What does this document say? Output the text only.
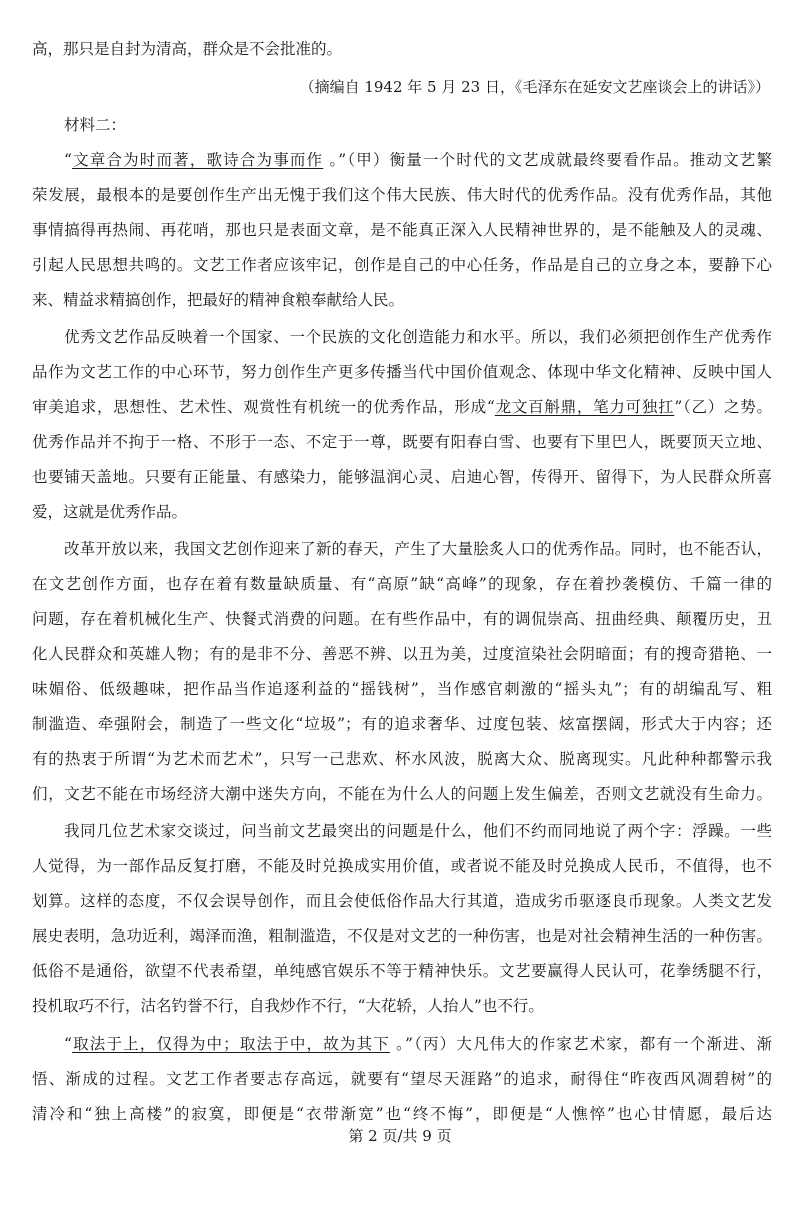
高，那只是自封为清高，群众是不会批准的。
（摘编自 1942 年 5 月 23 日，《毛泽东在延安文艺座谈会上的讲话》）
材料二：
“文章合为时而著，歌诗合为事而作 。”（甲）衡量一个时代的文艺成就最终要看作品。推动文艺繁
荣发展，最根本的是要创作生产出无愧于我们这个伟大民族、伟大时代的优秀作品。没有优秀作品，其他
事情搞得再热闹、再花哨，那也只是表面文章，是不能真正深入人民精神世界的，是不能触及人的灵魂、
引起人民思想共鸣的。文艺工作者应该牢记，创作是自己的中心任务，作品是自己的立身之本，要静下心
来、精益求精搞创作，把最好的精神食粮奉献给人民。
优秀文艺作品反映着一个国家、一个民族的文化创造能力和水平。所以，我们必须把创作生产优秀作
品作为文艺工作的中心环节，努力创作生产更多传播当代中国价值观念、体现中华文化精神、反映中国人
审美追求，思想性、艺术性、观赏性有机统一的优秀作品，形成“龙文百斛鼎，笔力可独扛”（乙）之势。
优秀作品并不拘于一格、不形于一态、不定于一尊，既要有阳春白雪、也要有下里巴人，既要顶天立地、
也要铺天盖地。只要有正能量、有感染力，能够温润心灵、启迪心智，传得开、留得下，为人民群众所喜
爱，这就是优秀作品。
改革开放以来，我国文艺创作迎来了新的春天，产生了大量脍炙人口的优秀作品。同时，也不能否认，
在文艺创作方面，也存在着有数量缺质量、有“高原”缺“高峰”的现象，存在着抄袭模仿、千篇一律的
问题，存在着机械化生产、快餐式消费的问题。在有些作品中，有的调侃崇高、扭曲经典、颠覆历史，丑
化人民群众和英雄人物；有的是非不分、善恶不辨、以丑为美，过度渲染社会阴暗面；有的搜奇猎艳、一
味媚俗、低级趣味，把作品当作追逐利益的“摇钱树”，当作感官刺激的“摇头丸”；有的胡编乱写、粗
制滥造、牵强附会，制造了一些文化“垃圾”；有的追求奢华、过度包装、炫富摆阔，形式大于内容；还
有的热衷于所谓“为艺术而艺术”，只写一己悲欢、杯水风波，脱离大众、脱离现实。凡此种种都警示我
们，文艺不能在市场经济大潮中迷失方向，不能在为什么人的问题上发生偏差，否则文艺就没有生命力。
我同几位艺术家交谈过，问当前文艺最突出的问题是什么，他们不约而同地说了两个字：浮躁。一些
人觉得，为一部作品反复打磨，不能及时兑换成实用价值，或者说不能及时兑换成人民币，不值得，也不
划算。这样的态度，不仅会误导创作，而且会使低俗作品大行其道，造成劣币驱逐良币现象。人类文艺发
展史表明，急功近利，竭泽而渔，粗制滥造，不仅是对文艺的一种伤害，也是对社会精神生活的一种伤害。
低俗不是通俗，欲望不代表希望，单纯感官娱乐不等于精神快乐。文艺要赢得人民认可，花拳绣腿不行，
投机取巧不行，沽名钓誉不行，自我炒作不行，“大花轿，人抬人”也不行。
“取法于上，仅得为中；取法于中，故为其下 。”（丙）大凡伟大的作家艺术家，都有一个渐进、渐
悟、渐成的过程。文艺工作者要志存高远，就要有“望尽天涯路”的追求，耐得住“昨夜西风凋碧树”的
清冷和“独上高楼”的寂寞，即便是“衣带渐宽”也“终不悔”，即便是“人憔悴”也心甘情愿，最后达
第 2 页/共 9 页
